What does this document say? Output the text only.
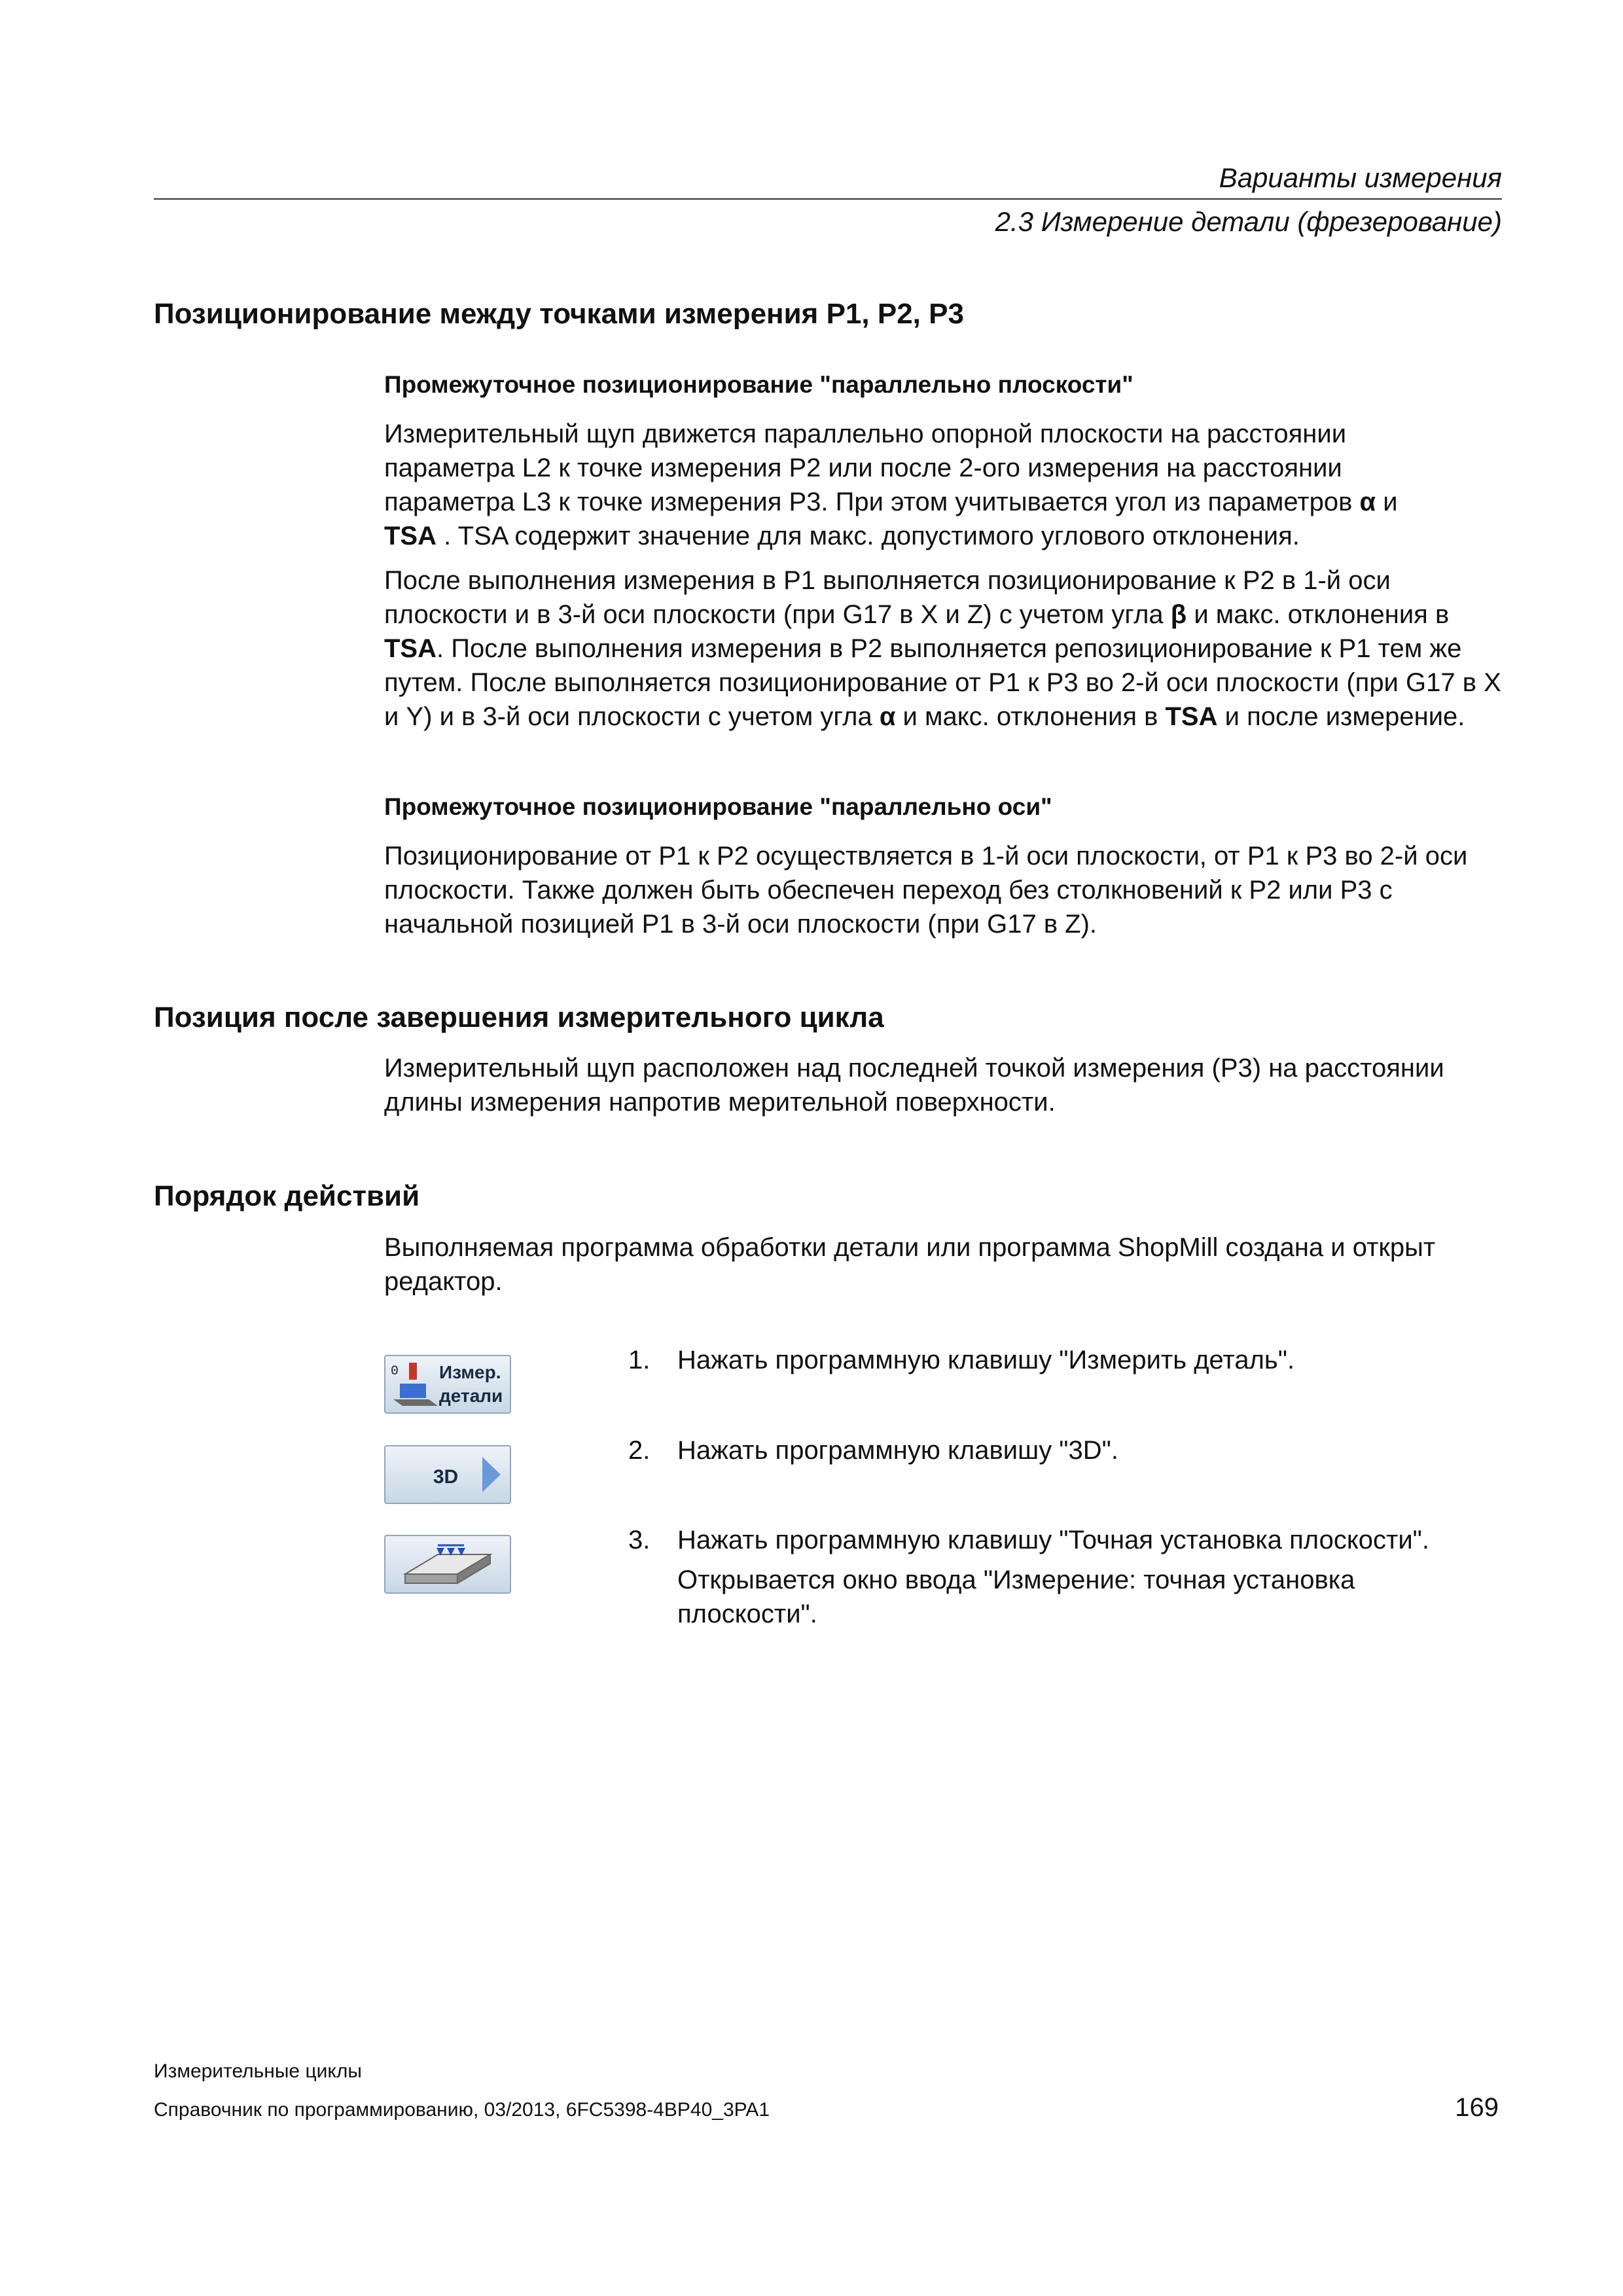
Варианты измерения
2.3 Измерение детали (фрезерование)
Позиционирование между точками измерения P1, P2, P3
Промежуточное позиционирование "параллельно плоскости"
Измерительный щуп движется параллельно опорной плоскости на расстоянии
параметра L2 к точке измерения P2 или после 2-ого измерения на расстоянии
параметра L3 к точке измерения P3. При этом учитывается угол из параметров α и
TSA . TSA содержит значение для макс. допустимого углового отклонения.
После выполнения измерения в P1 выполняется позиционирование к P2 в 1-й оси плоскости и в 3-й оси плоскости (при G17 в X и Z) с учетом угла β и макс. отклонения в TSA. После выполнения измерения в P2 выполняется репозиционирование к P1 тем же путем. После выполняется позиционирование от P1 к P3 во 2-й оси плоскости (при G17 в X и Y) и в 3-й оси плоскости с учетом угла α и макс. отклонения в TSA и после измерение.
Промежуточное позиционирование "параллельно оси"

Позиционирование от P1 к P2 осуществляется в 1-й оси плоскости, от P1 к P3 во 2-й оси плоскости. Также должен быть обеспечен переход без столкновений к P2 или P3 с начальной позицией P1 в 3-й оси плоскости (при G17 в Z).

Позиция после завершения измерительного цикла

Измерительный щуп расположен над последней точкой измерения (P3) на расстоянии длины измерения напротив мерительной поверхности.

Порядок действий

Выполняемая программа обработки детали или программа ShopMill создана и открыт редактор.

0 Измер.
детали
3D
1. Нажать программную клавишу "Измерить деталь".
2. Нажать программную клавишу "3D".
3. Нажать программную клавишу "Точная установка плоскости".
Открывается окно ввода "Измерение: точная установка плоскости".
Измерительные циклы
Справочник по программированию, 03/2013, 6FC5398-4BP40_3PA1	169
